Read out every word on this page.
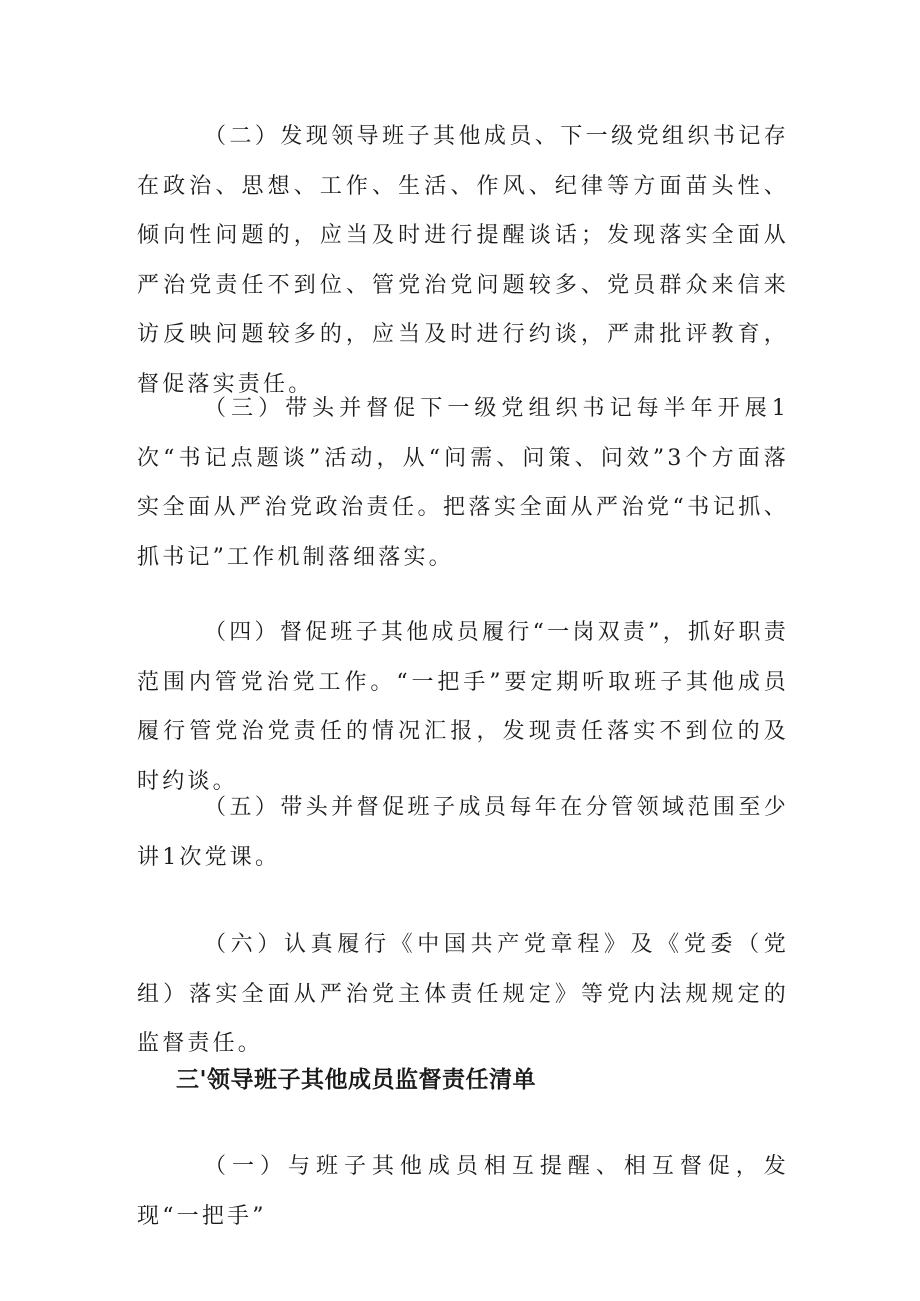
（二）发现领导班子其他成员、下一级党组织书记存在政治、思想、工作、生活、作风、纪律等方面苗头性、倾向性问题的，应当及时进行提醒谈话；发现落实全面从严治党责任不到位、管党治党问题较多、党员群众来信来访反映问题较多的，应当及时进行约谈，严肃批评教育，督促落实责任。

（三）带头并督促下一级党组织书记每半年开展1次“书记点题谈”活动，从“问需、问策、问效”3个方面落实全面从严治党政治责任。把落实全面从严治党“书记抓、抓书记”工作机制落细落实。

（四）督促班子其他成员履行“一岗双责”，抓好职责范围内管党治党工作。“一把手”要定期听取班子其他成员履行管党治党责任的情况汇报，发现责任落实不到位的及时约谈。

（五）带头并督促班子成员每年在分管领域范围至少讲1次党课。

（六）认真履行《中国共产党章程》及《党委（党组）落实全面从严治党主体责任规定》等党内法规规定的监督责任。

三'领导班子其他成员监督责任清单

（一）与班子其他成员相互提醒、相互督促，发现“一把手”
